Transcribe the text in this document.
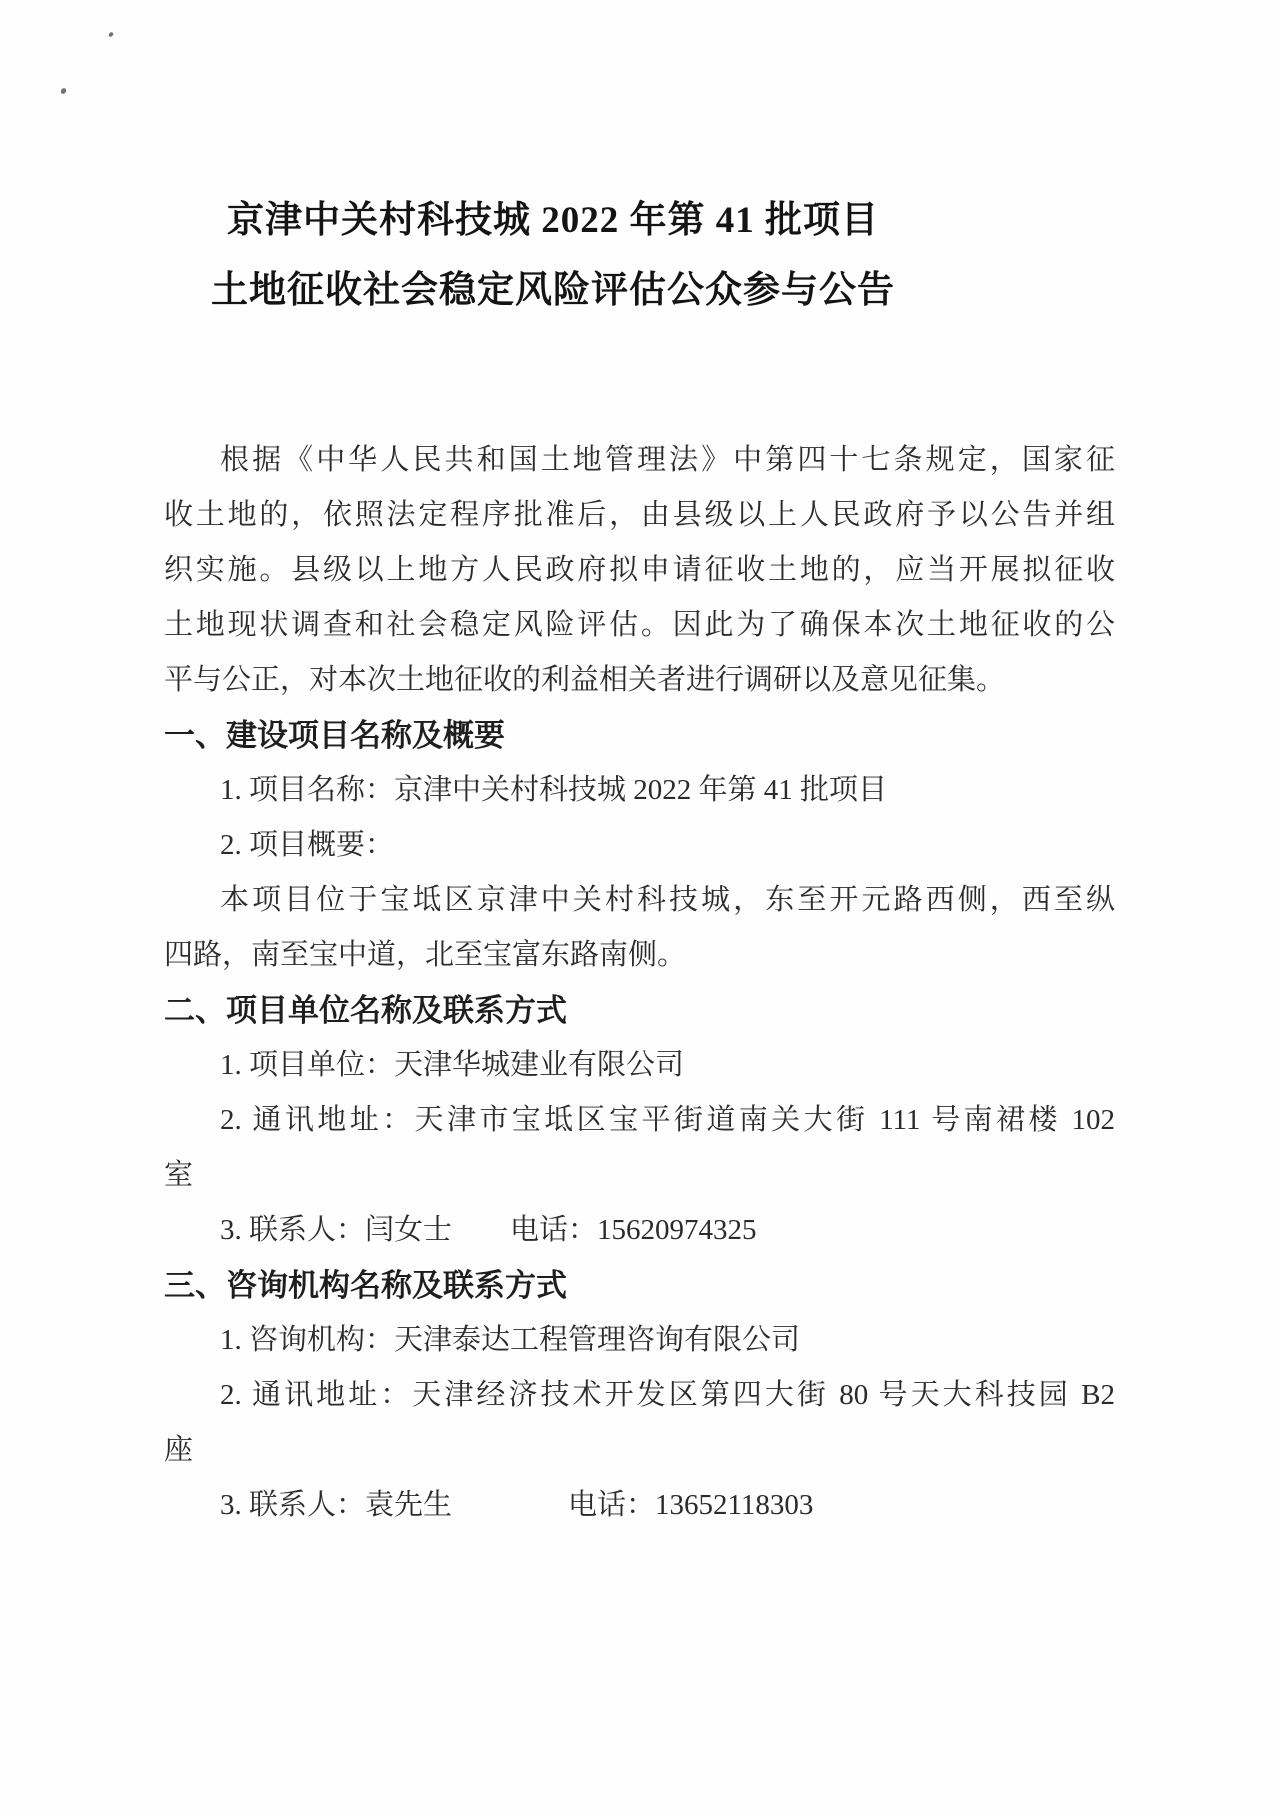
京津中关村科技城 2022 年第 41 批项目
土地征收社会稳定风险评估公众参与公告
根据《中华人民共和国土地管理法》中第四十七条规定，国家征
收土地的，依照法定程序批准后，由县级以上人民政府予以公告并组
织实施。县级以上地方人民政府拟申请征收土地的，应当开展拟征收
土地现状调查和社会稳定风险评估。因此为了确保本次土地征收的公
平与公正，对本次土地征收的利益相关者进行调研以及意见征集。
一、建设项目名称及概要
1. 项目名称：京津中关村科技城 2022 年第 41 批项目
2. 项目概要：
本项目位于宝坻区京津中关村科技城，东至开元路西侧，西至纵
四路，南至宝中道，北至宝富东路南侧。
二、项目单位名称及联系方式
1. 项目单位：天津华城建业有限公司
2. 通讯地址：天津市宝坻区宝平街道南关大街 111 号南裙楼 102
室
3. 联系人：闫女士　　电话：15620974325
三、咨询机构名称及联系方式
1. 咨询机构：天津泰达工程管理咨询有限公司
2. 通讯地址：天津经济技术开发区第四大街 80 号天大科技园 B2
座
3. 联系人：袁先生　　　　电话：13652118303
